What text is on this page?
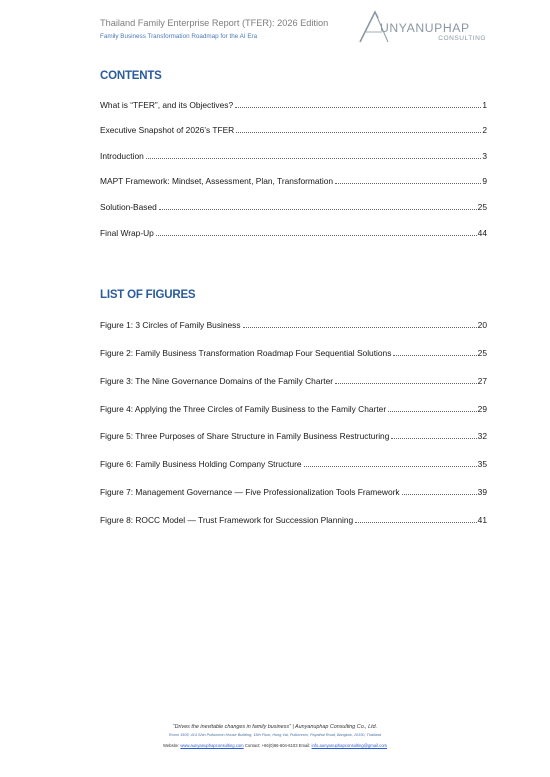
Thailand Family Enterprise Report (TFER): 2026 Edition
Family Business Transformation Roadmap for the AI Era
UNYANUPHAP
CONSULTING
CONTENTS
What is “TFER”, and its Objectives?	1
Executive Snapshot of 2026’s TFER	2
Introduction	3
MAPT Framework: Mindset, Assessment, Plan, Transformation	9
Solution-Based	25
Final Wrap-Up	44
LIST OF FIGURES
Figure 1: 3 Circles of Family Business	20
Figure 2: Family Business Transformation Roadmap Four Sequential Solutions	25
Figure 3: The Nine Governance Domains of the Family Charter	27
Figure 4: Applying the Three Circles of Family Business to the Family Charter	29
Figure 5: Three Purposes of Share Structure in Family Business Restructuring	32
Figure 6: Family Business Holding Company Structure	35
Figure 7: Management Governance — Five Professionalization Tools Framework	39
Figure 8: ROCC Model — Trust Framework for Succession Planning	41
“Drives the inevitable changes in family business” | Aunyanuphap Consulting Co., Ltd.
Room 1505, 414 Shin Pullumnon House Building, 15th Floor, Hong Vai, Pullumnon, Payathai Road, Bangkok, 10330, Thailand
Website: www.aunyanuphapconsulting.com Contact: +66(0)66-604-6103 Email: info.aunyanuphapconsulting@gmail.com
